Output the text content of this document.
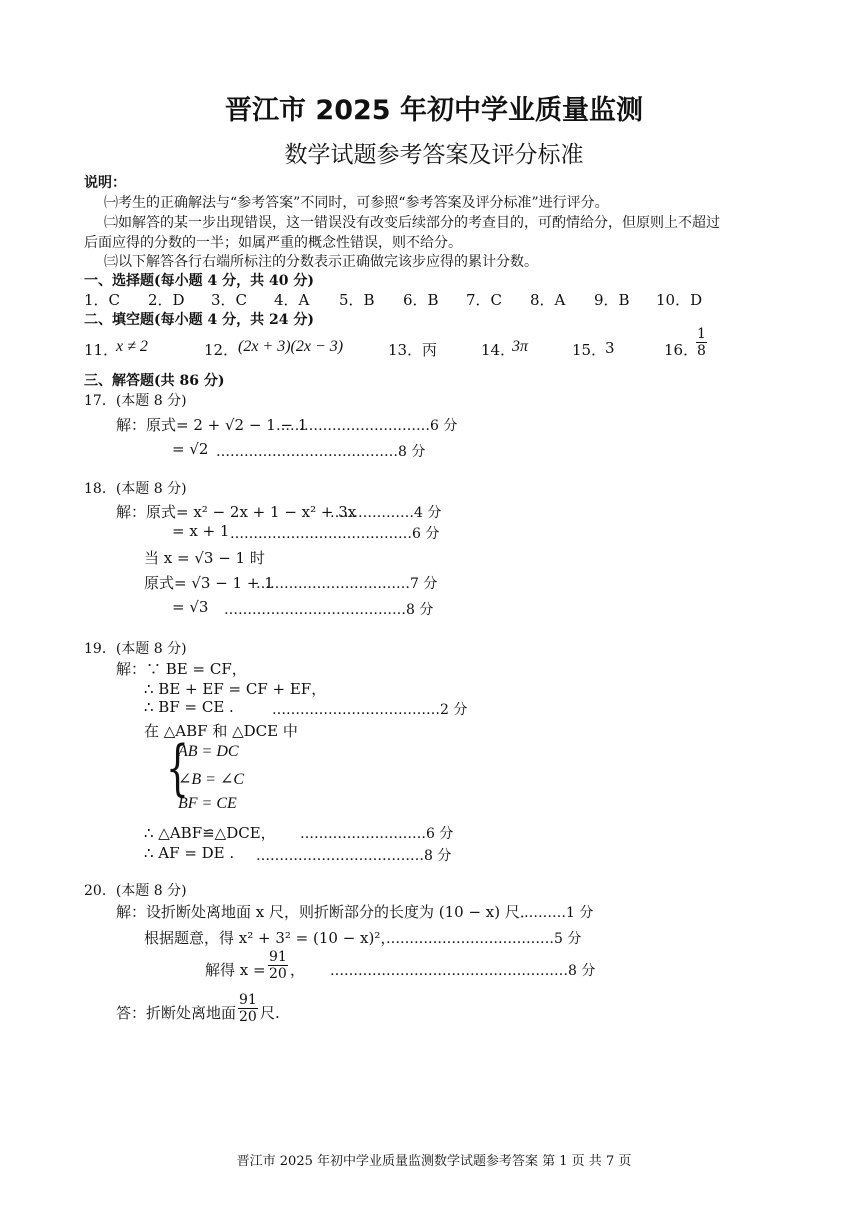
晋江市 2025 年初中学业质量监测
数学试题参考答案及评分标准
说明：
㈠考生的正确解法与“参考答案”不同时，可参照“参考答案及评分标准”进行评分。
㈡如解答的某一步出现错误，这一错误没有改变后续部分的考查目的，可酌情给分，但原则上不超过
后面应得的分数的一半；如属严重的概念性错误，则不给分。
㈢以下解答各行右端所标注的分数表示正确做完该步应得的累计分数。
一、选择题(每小题 4 分，共 40 分)
1．C 2．D 3．C 4．A 5．B 6．B 7．C 8．A 9．B 10．D
二、填空题(每小题 4 分，共 24 分)
11．
x ≠ 2	12． (2x + 3)(2x − 3)	13． 丙	14．
3π	15．
3	16．
$\frac{1}{8}$
三、解答题(共 86 分)
17．(本题 8 分)
解：原式= 2 + √2 − 1 − 1
……………………………6 分
= √2 …………………………………8 分
18．(本题 8 分)
解：原式= x² − 2x + 1 − x² + 3x
………………4 分
= x + 1 …………………………………6 分
当 x = √3 − 1 时
原式= √3 − 1 + 1
……………………………7 分
= √3 …………………………………8 分
19．(本题 8 分)
解：∵ BE = CF，
∴ BE + EF = CF + EF，
∴ BF = CE .	………………………………2 分
在 △ABF 和 △DCE 中
{
AB = DC
∠B = ∠C
BF = CE
∴ △ABF≌△DCE， ………………………6 分
∴ AF = DE . ………………………………8 分
20．(本题 8 分)
解：设折断处离地面 x 尺，则折断部分的长度为 (10 − x) 尺．
………1 分
根据题意，得 x² + 3² = (10 − x)²，
………………………………5 分
解得 $x = \frac{91}{20}$ ， ……………………………………………8 分
答：折断处离地面 $\frac{91}{20}$ 尺.
晋江市 2025 年初中学业质量监测数学试题参考答案 第 1 页 共 7 页
